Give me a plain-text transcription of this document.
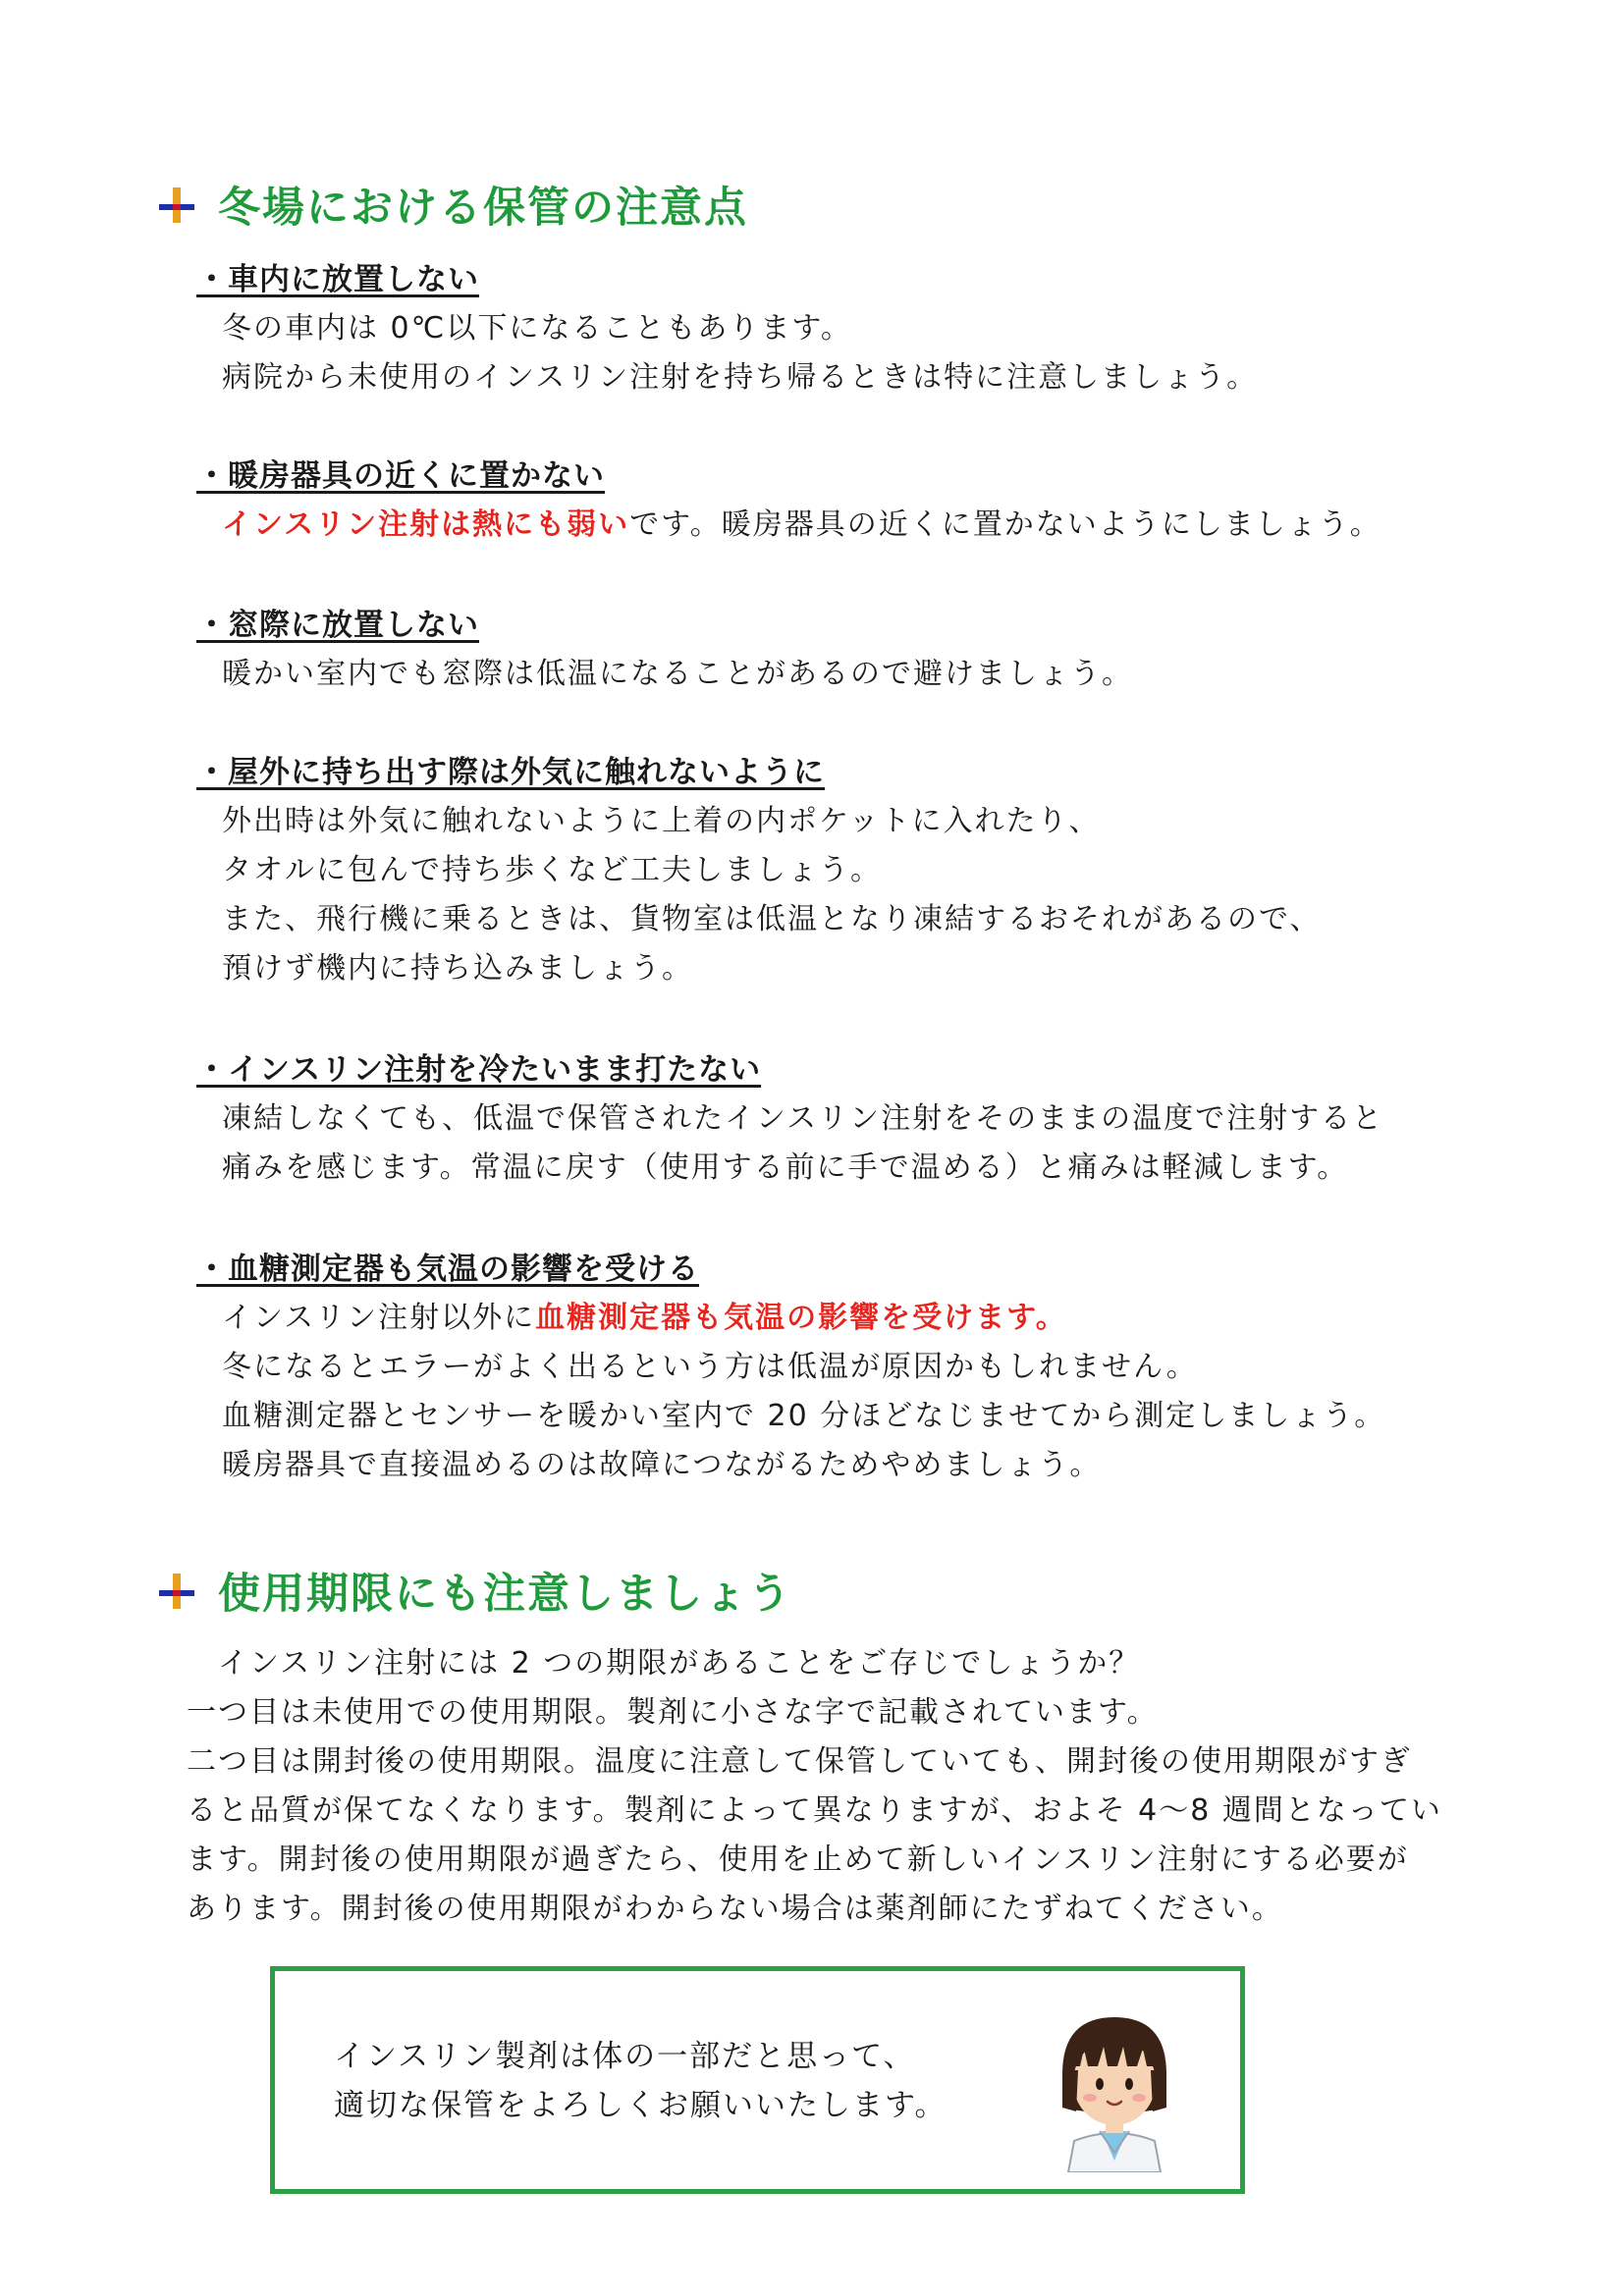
冬場における保管の注意点
・車内に放置しない
冬の車内は 0℃以下になることもあります。
病院から未使用のインスリン注射を持ち帰るときは特に注意しましょう。
・暖房器具の近くに置かない
インスリン注射は熱にも弱いです。暖房器具の近くに置かないようにしましょう。
・窓際に放置しない
暖かい室内でも窓際は低温になることがあるので避けましょう。
・屋外に持ち出す際は外気に触れないように
外出時は外気に触れないように上着の内ポケットに入れたり、
タオルに包んで持ち歩くなど工夫しましょう。
また、飛行機に乗るときは、貨物室は低温となり凍結するおそれがあるので、
預けず機内に持ち込みましょう。
・インスリン注射を冷たいまま打たない
凍結しなくても、低温で保管されたインスリン注射をそのままの温度で注射すると
痛みを感じます。常温に戻す（使用する前に手で温める）と痛みは軽減します。
・血糖測定器も気温の影響を受ける
インスリン注射以外に血糖測定器も気温の影響を受けます。
冬になるとエラーがよく出るという方は低温が原因かもしれません。
血糖測定器とセンサーを暖かい室内で 20 分ほどなじませてから測定しましょう。
暖房器具で直接温めるのは故障につながるためやめましょう。
使用期限にも注意しましょう
　インスリン注射には 2 つの期限があることをご存じでしょうか？
一つ目は未使用での使用期限。製剤に小さな字で記載されています。
二つ目は開封後の使用期限。温度に注意して保管していても、開封後の使用期限がすぎ
ると品質が保てなくなります。製剤によって異なりますが、およそ 4～8 週間となってい
ます。開封後の使用期限が過ぎたら、使用を止めて新しいインスリン注射にする必要が
あります。開封後の使用期限がわからない場合は薬剤師にたずねてください。
インスリン製剤は体の一部だと思って、
適切な保管をよろしくお願いいたします。
